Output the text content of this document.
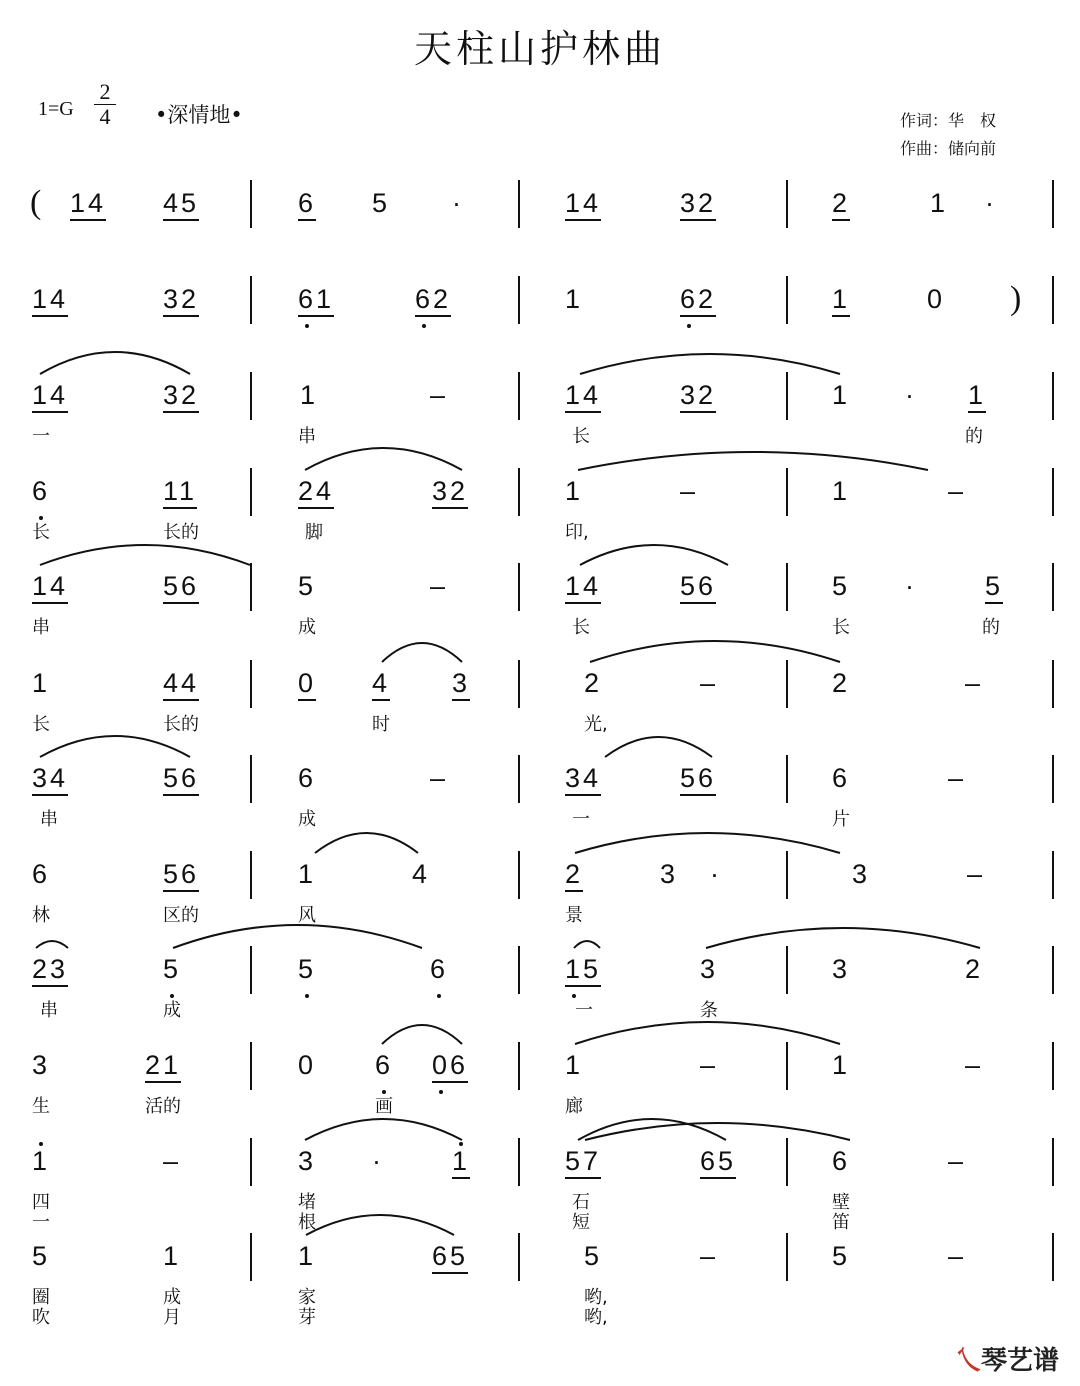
天柱山护林曲
1=G
2
4	•深情地•	作词：华　权
作曲：储向前
( 14 45	6 5 ·	14	32	2	1 ·
)
14	32	61	62	1	62	1	0
14	32	1	–	14	32	1 · 1
一	串	长	的
6	11	24	32	1	–	1	–
长	长的	脚	印,
14	56	5	–	14	56	5 ·	5
串	成	长	长	的
1	44	0 4 3	2	–	2	–
长	长的	时	光,
34	56	6	–	34	56	6	–
串	成	一	片
6	56	1	4	2	3 ·	3	–
林	区的	风	景
23	5	5	6	15	3	3	2
串	成	一	条
3	21	0 6 06	1	–	1	–
生	活的	画	廊
1	–	3 ·	1	57	65	6	–
四	堵	石	壁
一	根	短	笛
5	1	1	65	5	–	5	–
圈	成	家	哟,
吹	月	芽	哟,
乀琴艺谱
